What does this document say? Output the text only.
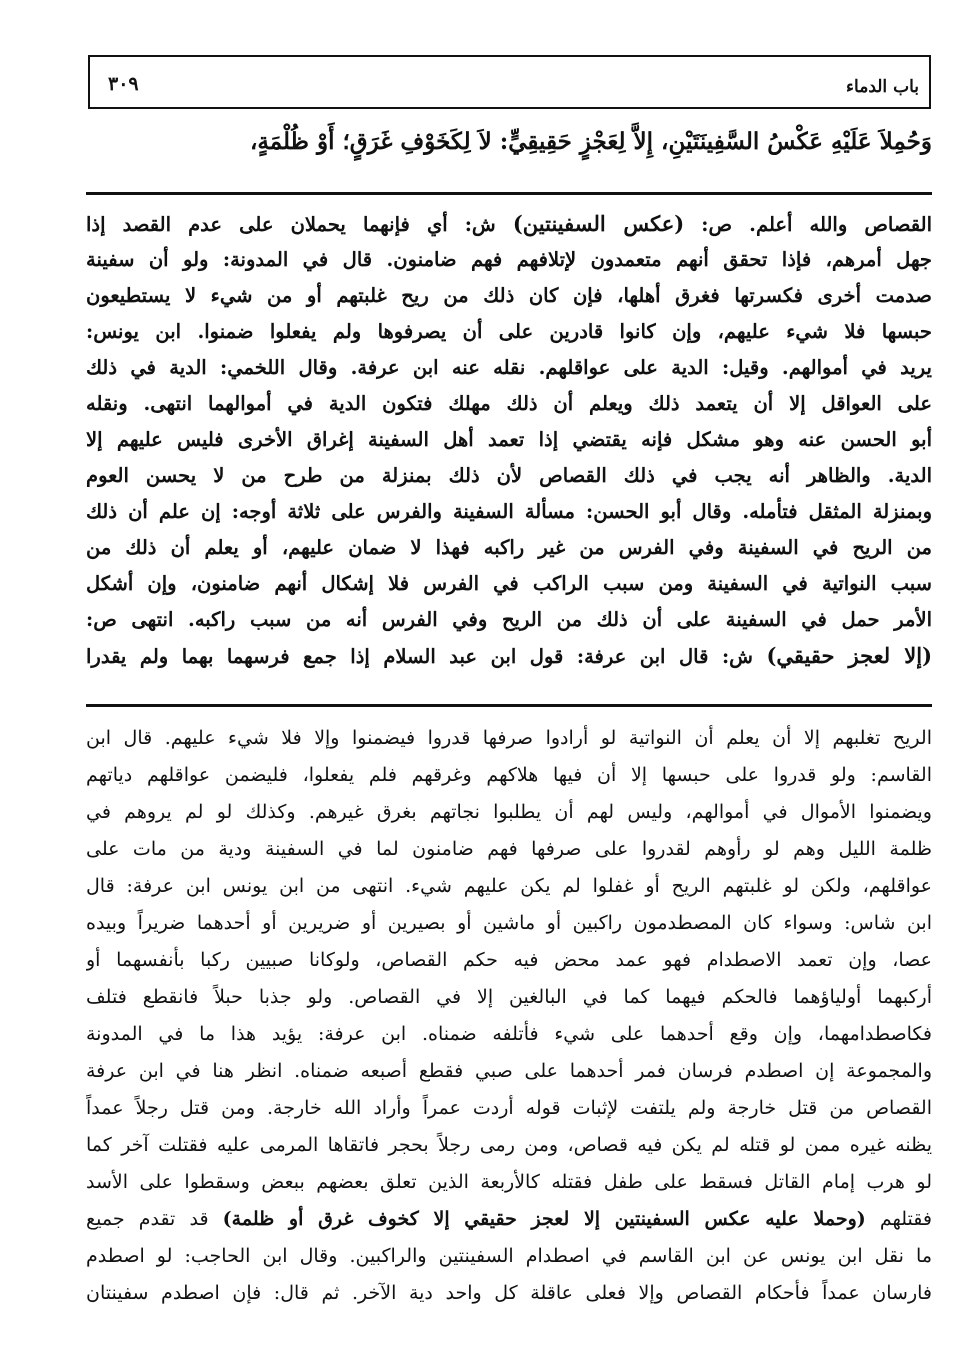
باب الدماء
٣٠٩
وَحُمِلاَ عَلَيْهِ عَكْسُ السَّفِينَتَيْنِ، إِلاَّ لِعَجْزٍ حَقِيقِيٍّ: لاَ لِكَخَوْفِ غَرَقٍ؛ أَوْ ظُلْمَةٍ،
القصاص والله أعلم. ص: (عكس السفينتين) ش: أي فإنهما يحملان على عدم القصد إذا
جهل أمرهم، فإذا تحقق أنهم متعمدون لإتلافهم فهم ضامنون. قال في المدونة: ولو أن سفينة
صدمت أخرى فكسرتها فغرق أهلها، فإن كان ذلك من ريح غلبتهم أو من شيء لا يستطيعون
حبسها فلا شيء عليهم، وإن كانوا قادرين على أن يصرفوها ولم يفعلوا ضمنوا. ابن يونس:
يريد في أموالهم. وقيل: الدية على عواقلهم. نقله عنه ابن عرفة. وقال اللخمي: الدية في ذلك
على العواقل إلا أن يتعمد ذلك ويعلم أن ذلك مهلك فتكون الدية في أموالهما انتهى. ونقله
أبو الحسن عنه وهو مشكل فإنه يقتضي إذا تعمد أهل السفينة إغراق الأخرى فليس عليهم إلا
الدية. والظاهر أنه يجب في ذلك القصاص لأن ذلك بمنزلة من طرح من لا يحسن العوم
وبمنزلة المثقل فتأمله. وقال أبو الحسن: مسألة السفينة والفرس على ثلاثة أوجه: إن علم أن ذلك
من الريح في السفينة وفي الفرس من غير راكبه فهذا لا ضمان عليهم، أو يعلم أن ذلك من
سبب النواتية في السفينة ومن سبب الراكب في الفرس فلا إشكال أنهم ضامنون، وإن أشكل
الأمر حمل في السفينة على أن ذلك من الريح وفي الفرس أنه من سبب راكبه. انتهى ص:
(إلا لعجز حقيقي) ش: قال ابن عرفة: قول ابن عبد السلام إذا جمع فرسهما بهما ولم يقدرا
الريح تغلبهم إلا أن يعلم أن النواتية لو أرادوا صرفها قدروا فيضمنوا وإلا فلا شيء عليهم. قال ابن
القاسم: ولو قدروا على حبسها إلا أن فيها هلاكهم وغرقهم فلم يفعلوا، فليضمن عواقلهم دياتهم
ويضمنوا الأموال في أموالهم، وليس لهم أن يطلبوا نجاتهم بغرق غيرهم. وكذلك لو لم يروهم في
ظلمة الليل وهم لو رأوهم لقدروا على صرفها فهم ضامنون لما في السفينة ودية من مات على
عواقلهم، ولكن لو غلبتهم الريح أو غفلوا لم يكن عليهم شيء. انتهى من ابن يونس ابن عرفة: قال
ابن شاس: وسواء كان المصطدمون راكبين أو ماشين أو بصيرين أو ضريرين أو أحدهما ضريراً وبيده
عصا، وإن تعمد الاصطدام فهو عمد محض فيه حكم القصاص، ولوكانا صبيين ركبا بأنفسهما أو
أركبهما أولياؤهما فالحكم فيهما كما في البالغين إلا في القصاص. ولو جذبا حبلاً فانقطع فتلف
فكاصطدامهما، وإن وقع أحدهما على شيء فأتلفه ضمناه. ابن عرفة: يؤيد هذا ما في المدونة
والمجموعة إن اصطدم فرسان فمر أحدهما على صبي فقطع أصبعه ضمناه. انظر هنا في ابن عرفة
القصاص من قتل خارجة ولم يلتفت لإثبات قوله أردت عمراً وأراد الله خارجة. ومن قتل رجلاً عمداً
يظنه غيره ممن لو قتله لم يكن فيه قصاص، ومن رمى رجلاً بحجر فاتقاها المرمى عليه فقتلت آخر كما
لو هرب إمام القاتل فسقط على طفل فقتله كالأربعة الذين تعلق بعضهم ببعض وسقطوا على الأسد
فقتلهم (وحملا عليه عكس السفينتين إلا لعجز حقيقي إلا كخوف غرق أو ظلمة) قد تقدم جميع
ما نقل ابن يونس عن ابن القاسم في اصطدام السفينتين والراكبين. وقال ابن الحاجب: لو اصطدم
فارسان عمداً فأحكام القصاص وإلا فعلى عاقلة كل واحد دية الآخر. ثم قال: فإن اصطدم سفينتان
